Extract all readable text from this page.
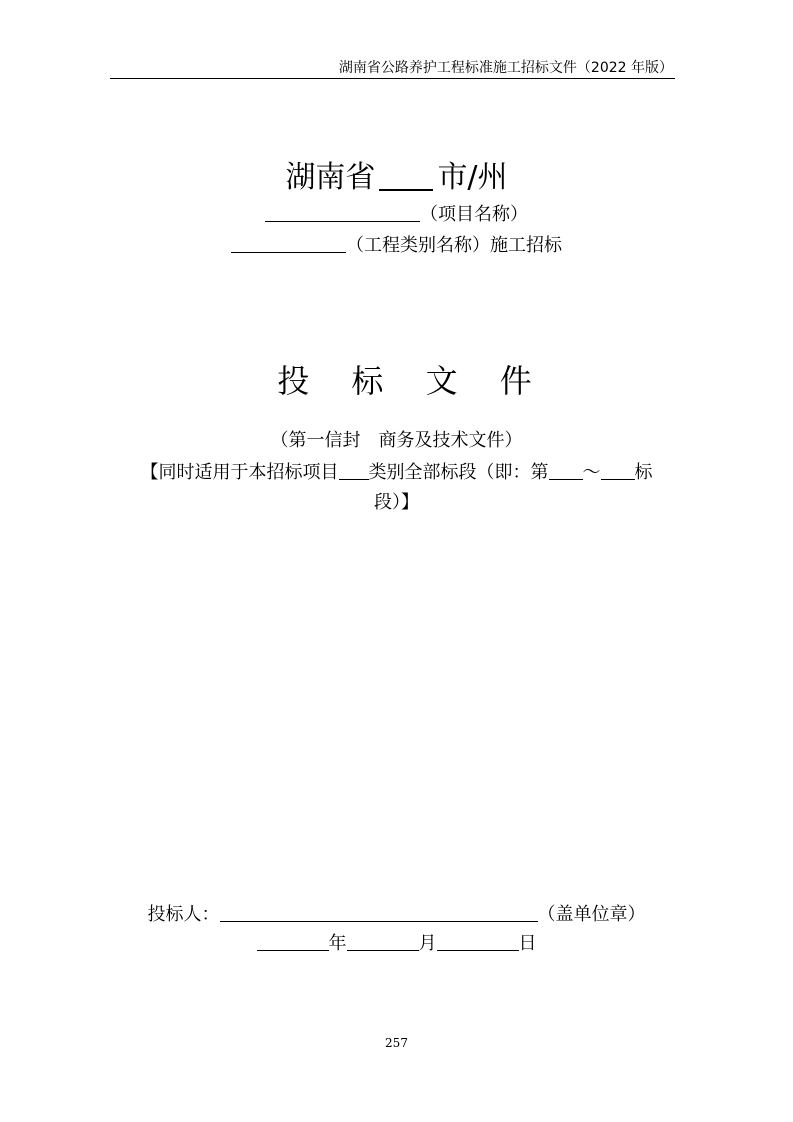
湖南省公路养护工程标准施工招标文件（2022 年版）
湖南省 市/州
（项目名称）
（工程类别名称）施工招标
投 标 文 件
（第一信封　商务及技术文件）
【同时适用于本招标项目 类别全部标段（即：第 ～ 标
段）】
投标人：	（盖单位章）
年	月	日
257
